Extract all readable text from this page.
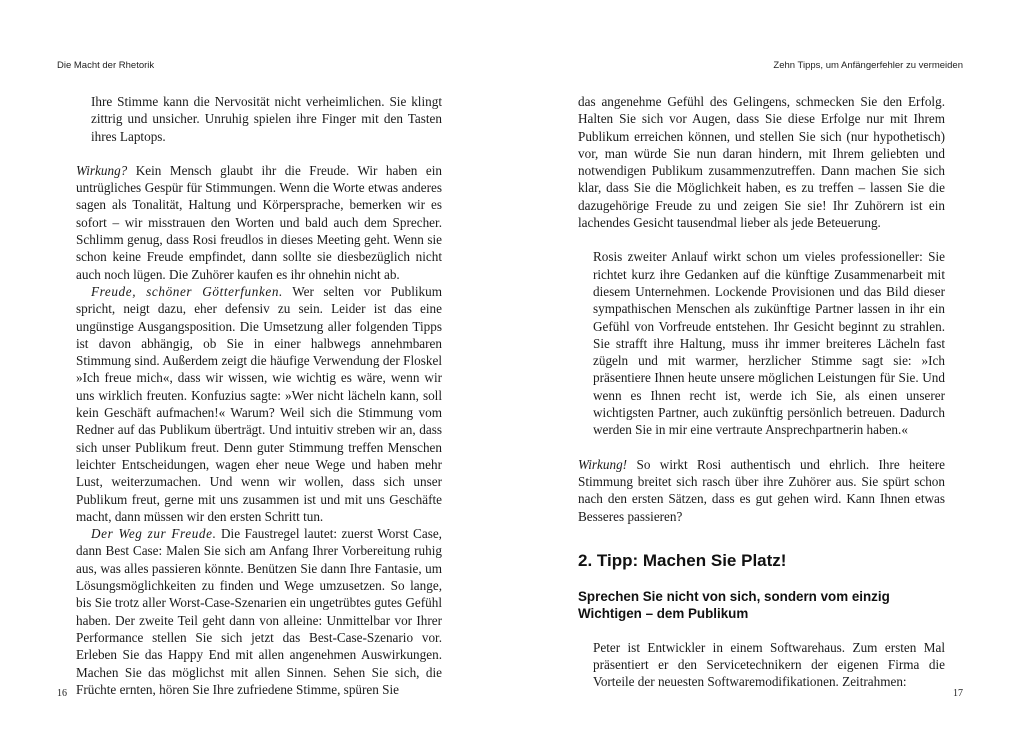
Die Macht der Rhetorik

Ihre Stimme kann die Nervosität nicht verheimlichen. Sie klingt zittrig und unsicher. Unruhig spielen ihre Finger mit den Tasten ihres Laptops.

Wirkung? Kein Mensch glaubt ihr die Freude. Wir haben ein untrügliches Gespür für Stimmungen. Wenn die Worte etwas anderes sagen als Tonalität, Haltung und Körpersprache, bemerken wir es sofort – wir misstrauen den Worten und bald auch dem Sprecher. Schlimm genug, dass Rosi freudlos in dieses Meeting geht. Wenn sie schon keine Freude empfindet, dann sollte sie diesbezüglich nicht auch noch lügen. Die Zuhörer kaufen es ihr ohnehin nicht ab.

Freude, schöner Götterfunken. Wer selten vor Publikum spricht, neigt dazu, eher defensiv zu sein. Leider ist das eine ungünstige Ausgangsposition. Die Umsetzung aller folgenden Tipps ist davon abhängig, ob Sie in einer halbwegs annehmbaren Stimmung sind. Außerdem zeigt die häufige Verwendung der Floskel »Ich freue mich«, dass wir wissen, wie wichtig es wäre, wenn wir uns wirklich freuten. Konfuzius sagte: »Wer nicht lächeln kann, soll kein Geschäft aufmachen!« Warum? Weil sich die Stimmung vom Redner auf das Publikum überträgt. Und intuitiv streben wir an, dass sich unser Publikum freut. Denn guter Stimmung treffen Menschen leichter Entscheidungen, wagen eher neue Wege und haben mehr Lust, weiterzumachen. Und wenn wir wollen, dass sich unser Publikum freut, gerne mit uns zusammen ist und mit uns Geschäfte macht, dann müssen wir den ersten Schritt tun.

Der Weg zur Freude. Die Faustregel lautet: zuerst Worst Case, dann Best Case: Malen Sie sich am Anfang Ihrer Vorbereitung ruhig aus, was alles passieren könnte. Benützen Sie dann Ihre Fantasie, um Lösungsmöglichkeiten zu finden und Wege umzusetzen. So lange, bis Sie trotz aller Worst-Case-Szenarien ein ungetrübtes gutes Gefühl haben. Der zweite Teil geht dann von alleine: Unmittelbar vor Ihrer Performance stellen Sie sich jetzt das Best-Case-Szenario vor. Erleben Sie das Happy End mit allen angenehmen Auswirkungen. Machen Sie das möglichst mit allen Sinnen. Sehen Sie sich, die Früchte ernten, hören Sie Ihre zufriedene Stimme, spüren Sie

16
Zehn Tipps, um Anfängerfehler zu vermeiden

das angenehme Gefühl des Gelingens, schmecken Sie den Erfolg. Halten Sie sich vor Augen, dass Sie diese Erfolge nur mit Ihrem Publikum erreichen können, und stellen Sie sich (nur hypothetisch) vor, man würde Sie nun daran hindern, mit Ihrem geliebten und notwendigen Publikum zusammenzutreffen. Dann machen Sie sich klar, dass Sie die Möglichkeit haben, es zu treffen – lassen Sie die dazugehörige Freude zu und zeigen Sie sie! Ihr Zuhörern ist ein lachendes Gesicht tausendmal lieber als jede Beteuerung.

Rosis zweiter Anlauf wirkt schon um vieles professioneller: Sie richtet kurz ihre Gedanken auf die künftige Zusammenarbeit mit diesem Unternehmen. Lockende Provisionen und das Bild dieser sympathischen Menschen als zukünftige Partner lassen in ihr ein Gefühl von Vorfreude entstehen. Ihr Gesicht beginnt zu strahlen. Sie strafft ihre Haltung, muss ihr immer breiteres Lächeln fast zügeln und mit warmer, herzlicher Stimme sagt sie: »Ich präsentiere Ihnen heute unsere möglichen Leistungen für Sie. Und wenn es Ihnen recht ist, werde ich Sie, als einen unserer wichtigsten Partner, auch zukünftig persönlich betreuen. Dadurch werden Sie in mir eine vertraute Ansprechpartnerin haben.«

Wirkung! So wirkt Rosi authentisch und ehrlich. Ihre heitere Stimmung breitet sich rasch über ihre Zuhörer aus. Sie spürt schon nach den ersten Sätzen, dass es gut gehen wird. Kann Ihnen etwas Besseres passieren?

2. Tipp: Machen Sie Platz!
Sprechen Sie nicht von sich, sondern vom einzig Wichtigen – dem Publikum

Peter ist Entwickler in einem Softwarehaus. Zum ersten Mal präsentiert er den Servicetechnikern der eigenen Firma die Vorteile der neuesten Softwaremodifikationen. Zeitrahmen:

17
